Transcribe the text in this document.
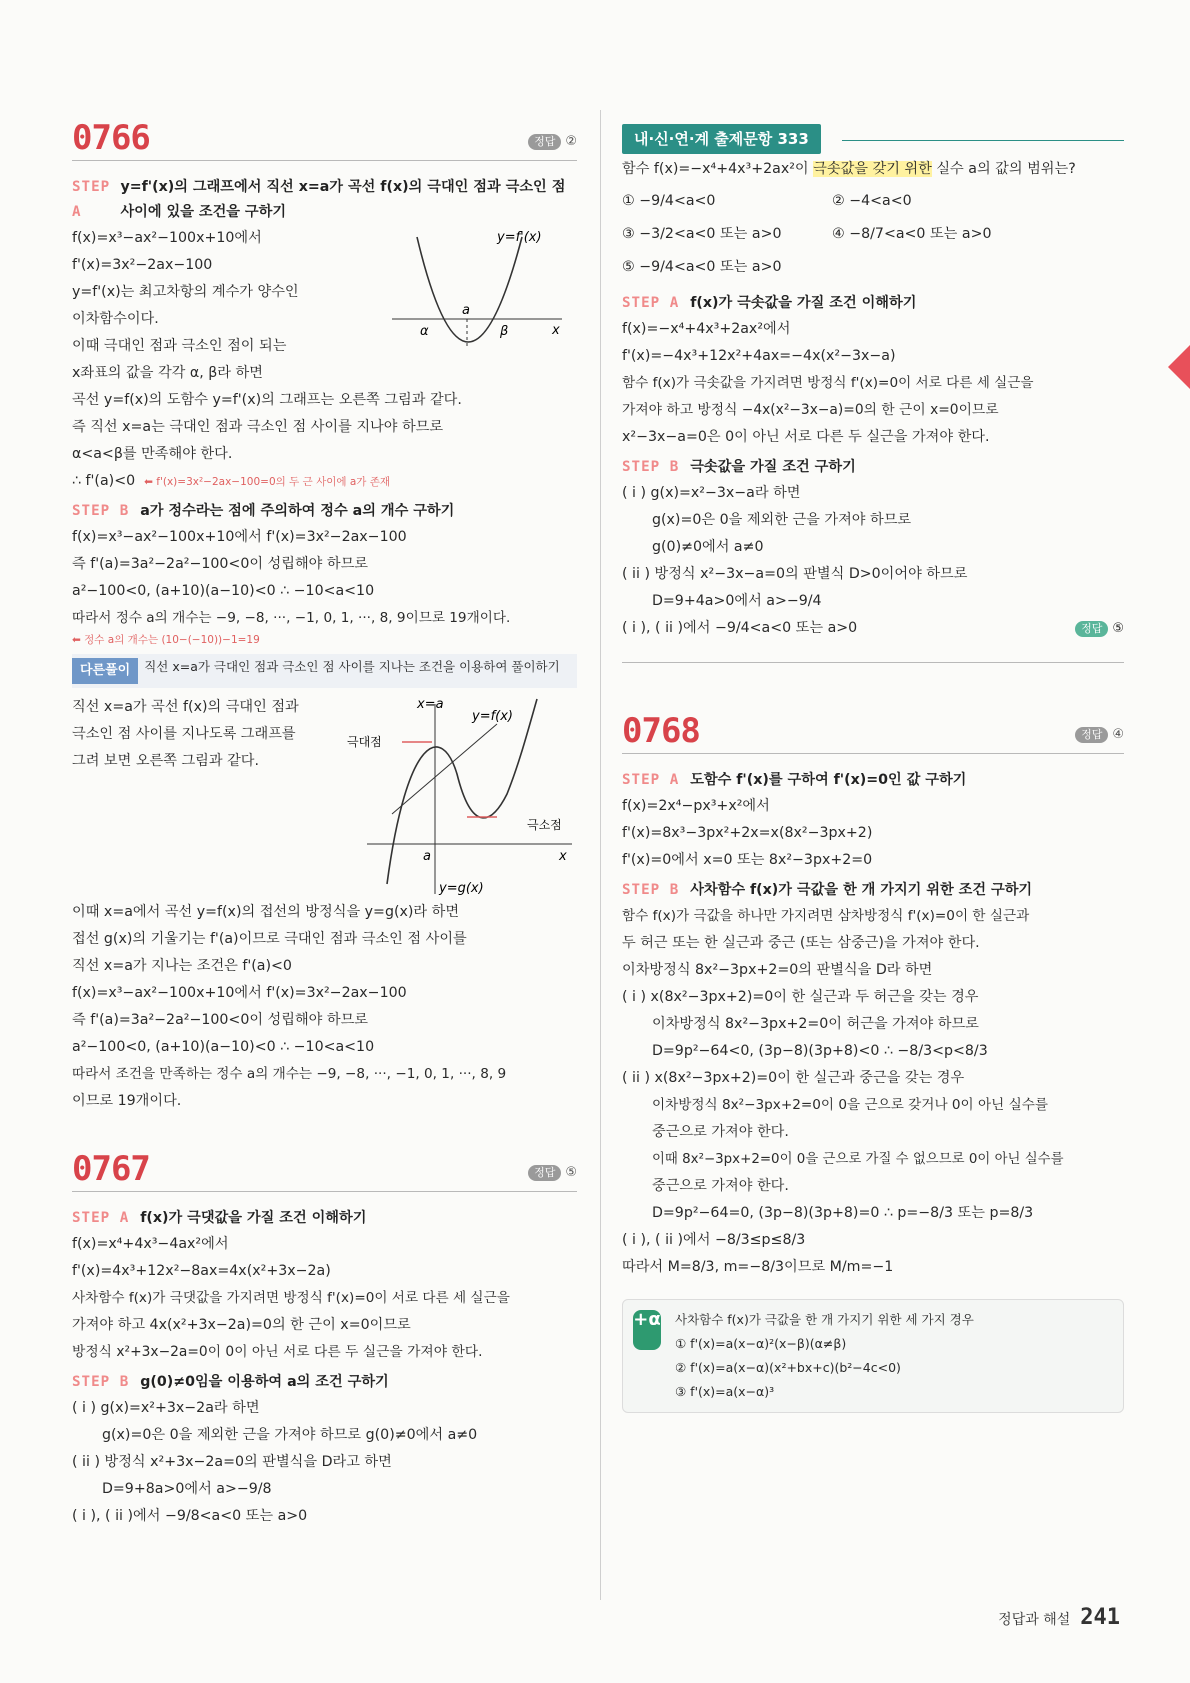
0766	정답 ②
STEP A
y=f'(x)의 그래프에서 직선 x=a가 곡선 f(x)의 극대인 점과 극소인 점 사이에 있을 조건을 구하기
f(x)=x³−ax²−100x+10에서
f'(x)=3x²−2ax−100
y=f'(x)는 최고차항의 계수가 양수인
이차함수이다.
이때 극대인 점과 극소인 점이 되는
x좌표의 값을 각각 α, β라 하면
y=f'(x)
a
α	β	x
곡선 y=f(x)의 도함수 y=f'(x)의 그래프는 오른쪽 그림과 같다.
즉 직선 x=a는 극대인 점과 극소인 점 사이를 지나야 하므로
α<a<β를 만족해야 한다.
∴ f'(a)<0 ⬅ f'(x)=3x²−2ax−100=0의 두 근 사이에 a가 존재
STEP B a가 정수라는 점에 주의하여 정수 a의 개수 구하기
f(x)=x³−ax²−100x+10에서 f'(x)=3x²−2ax−100
즉 f'(a)=3a²−2a²−100<0이 성립해야 하므로
a²−100<0, (a+10)(a−10)<0 ∴ −10<a<10
따라서 정수 a의 개수는 −9, −8, ···, −1, 0, 1, ···, 8, 9이므로 19개이다.
⬅ 정수 a의 개수는 (10−(−10))−1=19
다른풀이	직선 x=a가 극대인 점과 극소인 점 사이를 지나는 조건을 이용하여 풀이하기
직선 x=a가 곡선 f(x)의 극대인 점과
극소인 점 사이를 지나도록 그래프를
그려 보면 오른쪽 그림과 같다.
x=a
y=f(x)
극대점
극소점
a	x
y=g(x)
이때 x=a에서 곡선 y=f(x)의 접선의 방정식을 y=g(x)라 하면
접선 g(x)의 기울기는 f'(a)이므로 극대인 점과 극소인 점 사이를
직선 x=a가 지나는 조건은 f'(a)<0
f(x)=x³−ax²−100x+10에서 f'(x)=3x²−2ax−100
즉 f'(a)=3a²−2a²−100<0이 성립해야 하므로
a²−100<0, (a+10)(a−10)<0 ∴ −10<a<10
따라서 조건을 만족하는 정수 a의 개수는 −9, −8, ···, −1, 0, 1, ···, 8, 9
이므로 19개이다.
0767	정답 ⑤
STEP A f(x)가 극댓값을 가질 조건 이해하기
f(x)=x⁴+4x³−4ax²에서
f'(x)=4x³+12x²−8ax=4x(x²+3x−2a)
사차함수 f(x)가 극댓값을 가지려면 방정식 f'(x)=0이 서로 다른 세 실근을
가져야 하고 4x(x²+3x−2a)=0의 한 근이 x=0이므로
방정식 x²+3x−2a=0이 0이 아닌 서로 다른 두 실근을 가져야 한다.
STEP B g(0)≠0임을 이용하여 a의 조건 구하기
( i ) g(x)=x²+3x−2a라 하면
g(x)=0은 0을 제외한 근을 가져야 하므로 g(0)≠0에서 a≠0
( ii ) 방정식 x²+3x−2a=0의 판별식을 D라고 하면
D=9+8a>0에서 a>−9/8
( i ), ( ii )에서 −9/8<a<0 또는 a>0
내·신·연·계 출제문항 333
함수 f(x)=−x⁴+4x³+2ax²이 극솟값을 갖기 위한 실수 a의 값의 범위는?
① −9/4<a<0	② −4<a<0
③ −3/2<a<0 또는 a>0	④ −8/7<a<0 또는 a>0
⑤ −9/4<a<0 또는 a>0
STEP A f(x)가 극솟값을 가질 조건 이해하기
f(x)=−x⁴+4x³+2ax²에서
f'(x)=−4x³+12x²+4ax=−4x(x²−3x−a)
함수 f(x)가 극솟값을 가지려면 방정식 f'(x)=0이 서로 다른 세 실근을
가져야 하고 방정식 −4x(x²−3x−a)=0의 한 근이 x=0이므로
x²−3x−a=0은 0이 아닌 서로 다른 두 실근을 가져야 한다.
STEP B 극솟값을 가질 조건 구하기
( i ) g(x)=x²−3x−a라 하면
g(x)=0은 0을 제외한 근을 가져야 하므로
g(0)≠0에서 a≠0
( ii ) 방정식 x²−3x−a=0의 판별식 D>0이어야 하므로
D=9+4a>0에서 a>−9/4
( i ), ( ii )에서 −9/4<a<0 또는 a>0	정답 ⑤
0768	정답 ④
STEP A 도함수 f'(x)를 구하여 f'(x)=0인 값 구하기
f(x)=2x⁴−px³+x²에서
f'(x)=8x³−3px²+2x=x(8x²−3px+2)
f'(x)=0에서 x=0 또는 8x²−3px+2=0
STEP B 사차함수 f(x)가 극값을 한 개 가지기 위한 조건 구하기
함수 f(x)가 극값을 하나만 가지려면 삼차방정식 f'(x)=0이 한 실근과
두 허근 또는 한 실근과 중근 (또는 삼중근)을 가져야 한다.
이차방정식 8x²−3px+2=0의 판별식을 D라 하면
( i ) x(8x²−3px+2)=0이 한 실근과 두 허근을 갖는 경우
이차방정식 8x²−3px+2=0이 허근을 가져야 하므로
D=9p²−64<0, (3p−8)(3p+8)<0 ∴ −8/3<p<8/3
( ii ) x(8x²−3px+2)=0이 한 실근과 중근을 갖는 경우
이차방정식 8x²−3px+2=0이 0을 근으로 갖거나 0이 아닌 실수를
중근으로 가져야 한다.
이때 8x²−3px+2=0이 0을 근으로 가질 수 없으므로 0이 아닌 실수를
중근으로 가져야 한다.
D=9p²−64=0, (3p−8)(3p+8)=0 ∴ p=−8/3 또는 p=8/3
( i ), ( ii )에서 −8/3≤p≤8/3
따라서 M=8/3, m=−8/3이므로 M/m=−1
+α 사차함수 f(x)가 극값을 한 개 가지기 위한 세 가지 경우
① f'(x)=a(x−α)²(x−β)(α≠β)
② f'(x)=a(x−α)(x²+bx+c)(b²−4c<0)
③ f'(x)=a(x−α)³
정답과 해설 241
